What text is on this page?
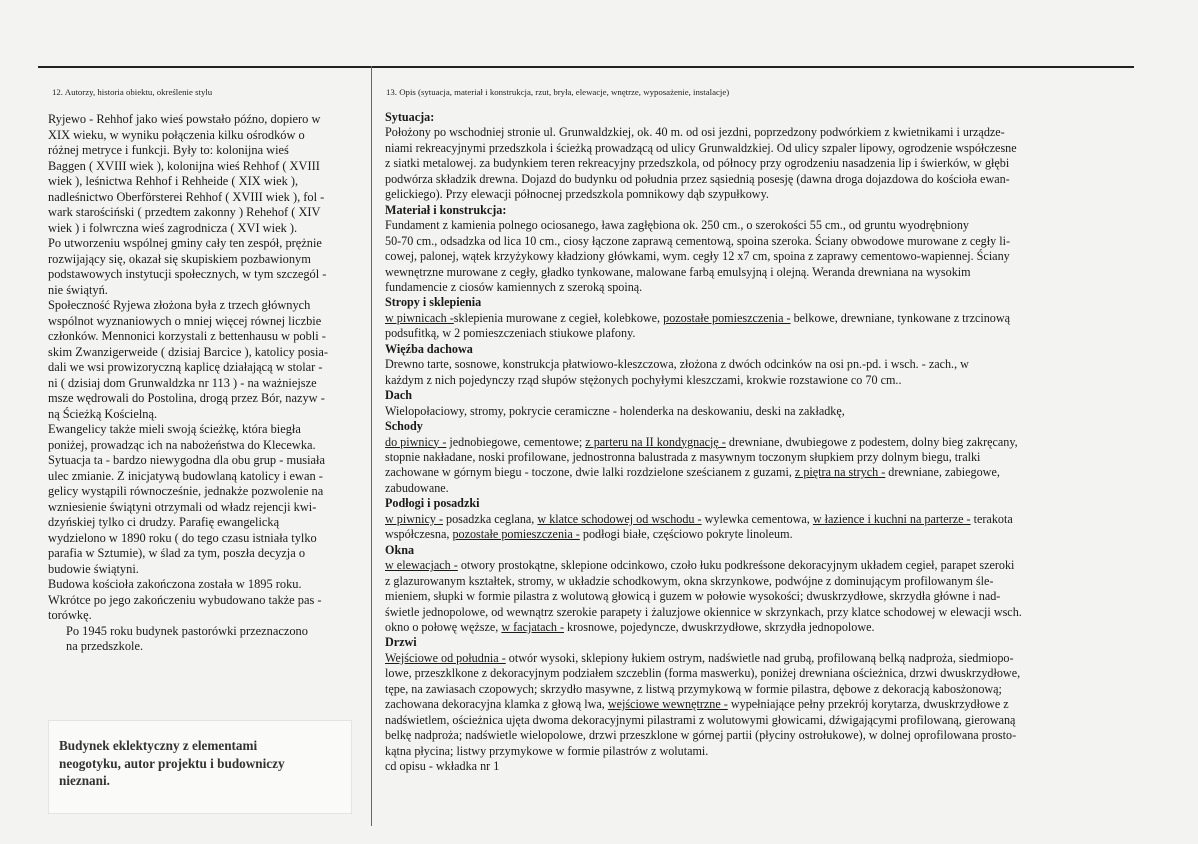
12. Autorzy, historia obiektu, określenie stylu

Ryjewo - Rehhof jako wieś powstało późno, dopiero w

XIX wieku, w wyniku połączenia kilku ośrodków o

różnej metryce i funkcji. Były to: kolonijna wieś

Baggen ( XVIII wiek ), kolonijna wieś Rehhof ( XVIII

wiek ), leśnictwa Rehhof i Rehheide ( XIX wiek ),

nadleśnictwo Oberförsterei Rehhof ( XVIII wiek ), fol -

wark starościński ( przedtem zakonny ) Rehehof ( XIV

wiek ) i folwrczna wieś zagrodnicza ( XVI wiek ).

Po utworzeniu wspólnej gminy cały ten zespół, prężnie

rozwijający się, okazał się skupiskiem pozbawionym

podstawowych instytucji społecznych, w tym szczegól -

nie świątyń.

Społeczność Ryjewa złożona była z trzech głównych

wspólnot wyznaniowych o mniej więcej równej liczbie

członków. Mennonici korzystali z bettenhausu w pobli -

skim Zwanzigerweide ( dzisiaj Barcice ), katolicy posia-

dali we wsi prowizoryczną kaplicę działającą w stolar -

ni ( dzisiaj dom Grunwaldzka nr 113 ) - na ważniejsze

msze wędrowali do Postolina, drogą przez Bór, nazyw -

ną Ścieżką Kościelną.

Ewangelicy także mieli swoją ścieżkę, która biegła

poniżej, prowadząc ich na nabożeństwa do Klecewka.

Sytuacja ta - bardzo niewygodna dla obu grup - musiała

ulec zmianie. Z inicjatywą budowlaną katolicy i ewan -

gelicy wystąpili równocześnie, jednakże pozwolenie na

wzniesienie świątyni otrzymali od władz rejencji kwi-

dzyńskiej tylko ci drudzy. Parafię ewangelicką

wydzielono w 1890 roku ( do tego czasu istniała tylko

parafia w Sztumie), w ślad za tym, poszła decyzja o

budowie świątyni.

Budowa kościoła zakończona została w 1895 roku.

Wkrótce po jego zakończeniu wybudowano także pas -

torówkę.

Po 1945 roku budynek pastorówki przeznaczono

na przedszkole.

Budynek eklektyczny z elementami
neogotyku, autor projektu i budowniczy
nieznani.
13. Opis (sytuacja, materiał i konstrukcja, rzut, bryła, elewacje, wnętrze, wyposażenie, instalacje)

Sytuacja:

Położony po wschodniej stronie ul. Grunwaldzkiej, ok. 40 m. od osi jezdni, poprzedzony podwórkiem z kwietnikami i urządze-

niami rekreacyjnymi przedszkola i ścieżką prowadzącą od ulicy Grunwaldzkiej. Od ulicy szpaler lipowy, ogrodzenie współczesne

z siatki metalowej. za budynkiem teren rekreacyjny przedszkola, od północy przy ogrodzeniu nasadzenia lip i świerków, w głębi

podwórza składzik drewna. Dojazd do budynku od południa przez sąsiednią posesję (dawna droga dojazdowa do kościoła ewan-

gelickiego). Przy elewacji północnej przedszkola pomnikowy dąb szypułkowy.

Materiał i konstrukcja:

Fundament z kamienia polnego ociosanego, ława zagłębiona ok. 250 cm., o szerokości 55 cm., od gruntu wyodrębniony

50-70 cm., odsadzka od lica 10 cm., ciosy łączone zaprawą cementową, spoina szeroka. Ściany obwodowe murowane z cegły li-

cowej, palonej, wątek krzyżykowy kładziony główkami, wym. cegły 12 x7 cm, spoina z zaprawy cementowo-wapiennej. Ściany

wewnętrzne murowane z cegły, gładko tynkowane, malowane farbą emulsyjną i olejną. Weranda drewniana na wysokim

fundamencie z ciosów kamiennych z szeroką spoiną.

Stropy i sklepienia

w piwnicach -sklepienia murowane z cegieł, kolebkowe, pozostałe pomieszczenia - belkowe, drewniane, tynkowane z trzcinową

podsufitką, w 2 pomieszczeniach stiukowe plafony.

Więźba dachowa

Drewno tarte, sosnowe, konstrukcja płatwiowo-kleszczowa, złożona z dwóch odcinków na osi pn.-pd. i wsch. - zach., w

każdym z nich pojedynczy rząd słupów stężonych pochyłymi kleszczami, krokwie rozstawione co 70 cm..

Dach

Wielopołaciowy, stromy, pokrycie ceramiczne - holenderka na deskowaniu, deski na zakładkę,

Schody

do piwnicy - jednobiegowe, cementowe; z parteru na II kondygnację - drewniane, dwubiegowe z podestem, dolny bieg zakręcany,

stopnie nakładane, noski profilowane, jednostronna balustrada z masywnym toczonym słupkiem przy dolnym biegu, tralki

zachowane w górnym biegu - toczone, dwie lalki rozdzielone sześcianem z guzami, z piętra na strych - drewniane, zabiegowe,

zabudowane.

Podłogi i posadzki

w piwnicy - posadzka ceglana, w klatce schodowej od wschodu - wylewka cementowa, w łazience i kuchni na parterze - terakota

współczesna, pozostałe pomieszczenia - podłogi białe, częściowo pokryte linoleum.

Okna

w elewacjach - otwory prostokątne, sklepione odcinkowo, czoło łuku podkreśsone dekoracyjnym układem cegieł, parapet szeroki

z glazurowanym kształtek, stromy, w układzie schodkowym, okna skrzynkowe, podwójne z dominującym profilowanym śle-

mieniem, słupki w formie pilastra z wolutową głowicą i guzem w połowie wysokości; dwuskrzydłowe, skrzydła główne i nad-

świetle jednopolowe, od wewnątrz szerokie parapety i żaluzjowe okiennice w skrzynkach, przy klatce schodowej w elewacji wsch.

okno o połowę węższe, w facjatach - krosnowe, pojedyncze, dwuskrzydłowe, skrzydła jednopolowe.

Drzwi

Wejściowe od południa - otwór wysoki, sklepiony łukiem ostrym, nadświetle nad grubą, profilowaną belką nadproża, siedmiopo-

lowe, przeszklkone z dekoracyjnym podziałem szczeblin (forma maswerku), poniżej drewniana ościeżnica, drzwi dwuskrzydłowe,

tępe, na zawiasach czopowych; skrzydło masywne, z listwą przymykową w formie pilastra, dębowe z dekoracją kabosżonową;

zachowana dekoracyjna klamka z głową lwa, wejściowe wewnętrzne - wypełniające pełny przekrój korytarza, dwuskrzydłowe z

nadświetlem, ościeżnica ujęta dwoma dekoracyjnymi pilastrami z wolutowymi głowicami, dźwigającymi profilowaną, gierowaną

belkę nadproża; nadświetle wielopolowe, drzwi przeszklone w górnej partii (płyciny ostrołukowe), w dolnej oprofilowana prosto-

kątna płycina; listwy przymykowe w formie pilastrów z wolutami.

cd opisu - wkładka nr 1
